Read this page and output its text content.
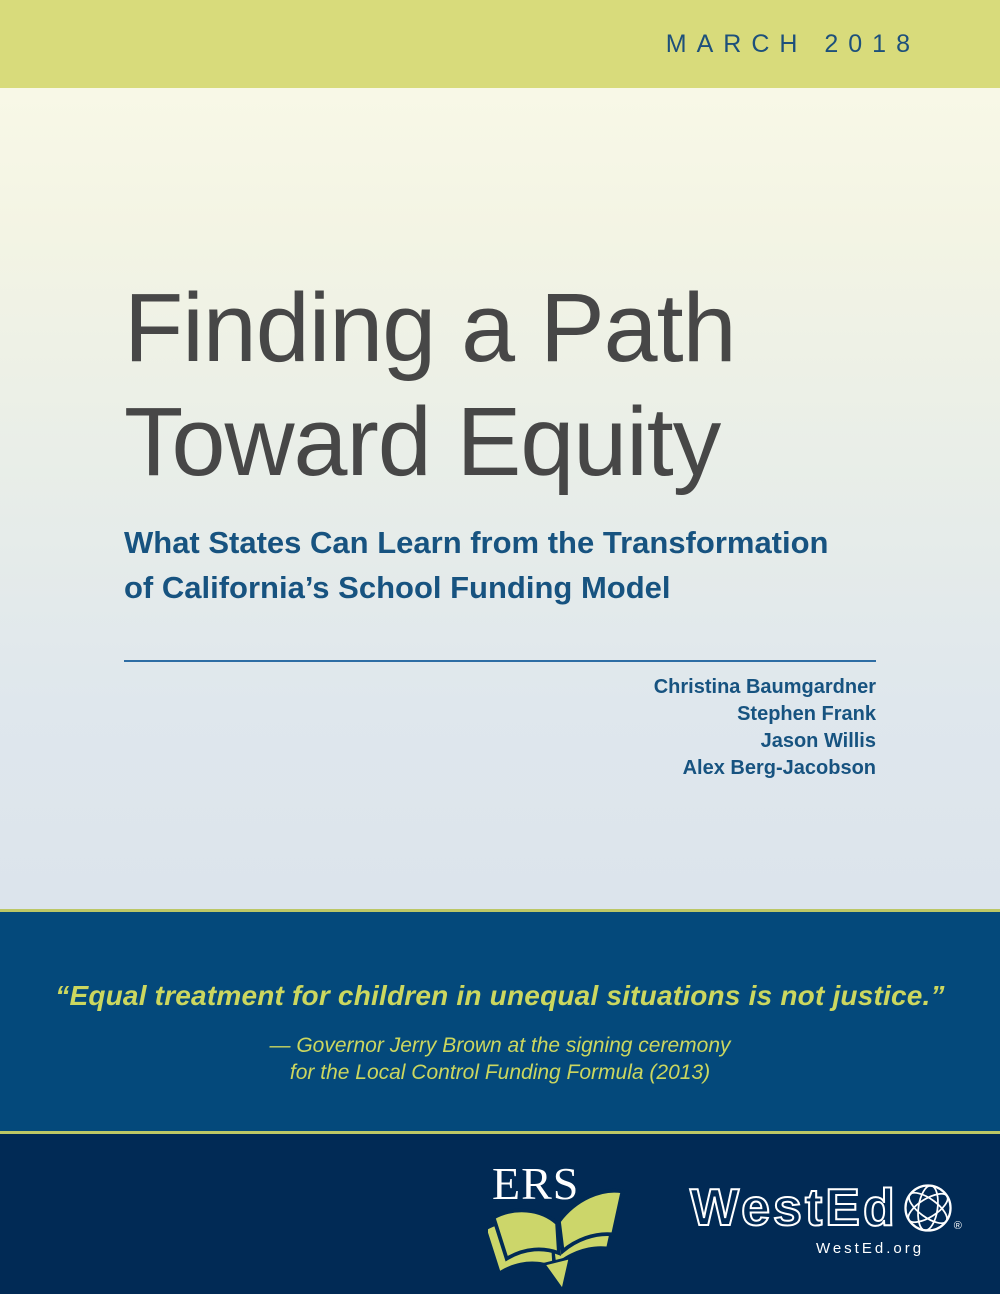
MARCH 2018
Finding a Path
Toward Equity
What States Can Learn from the Transformation
of California’s School Funding Model
Christina Baumgardner
Stephen Frank
Jason Willis
Alex Berg-Jacobson
“Equal treatment for children in unequal situations is not justice.”
— Governor Jerry Brown at the signing ceremony
for the Local Control Funding Formula (2013)
ERS WestEd	®
WestEd.org
